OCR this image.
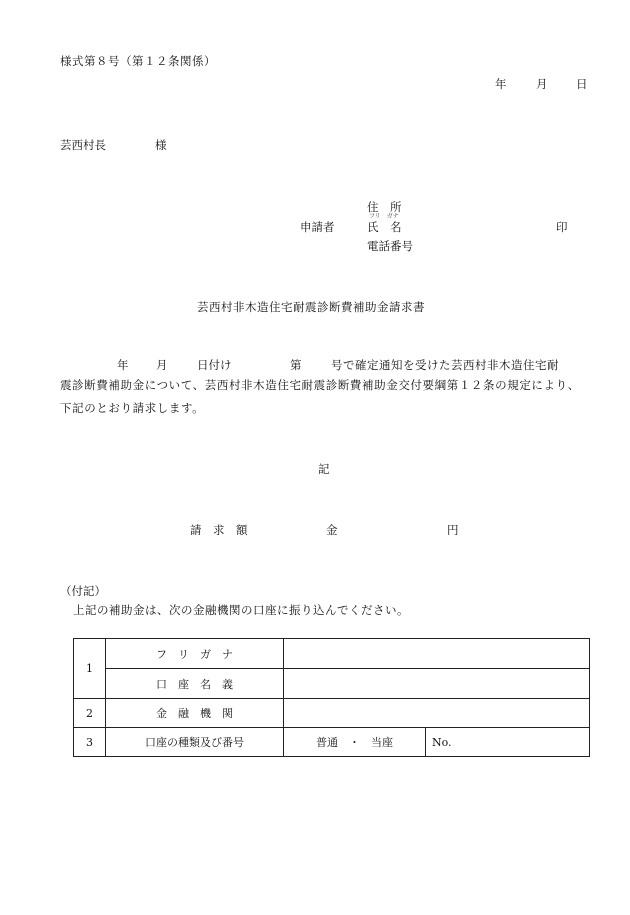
様式第８号（第１２条関係）
年	月 日
芸西村長	様
住　所
フリ　ガナ
申請者	氏　名	印
電話番号
芸西村非木造住宅耐震診断費補助金請求書
年 月	日付け	第	号で確定通知を受けた芸西村非木造住宅耐
震診断費補助金について、芸西村非木造住宅耐震診断費補助金交付要綱第１２条の規定により、下記のとおり請求します。
記
請　求　額	金	円
（付記）
上記の補助金は、次の金融機関の口座に振り込んでください。
1	フ　リ　ガ　ナ		
	口　座　名　義		
2	金　融　機　関		
3	口座の種類及び番号	普通　・　当座	No.
